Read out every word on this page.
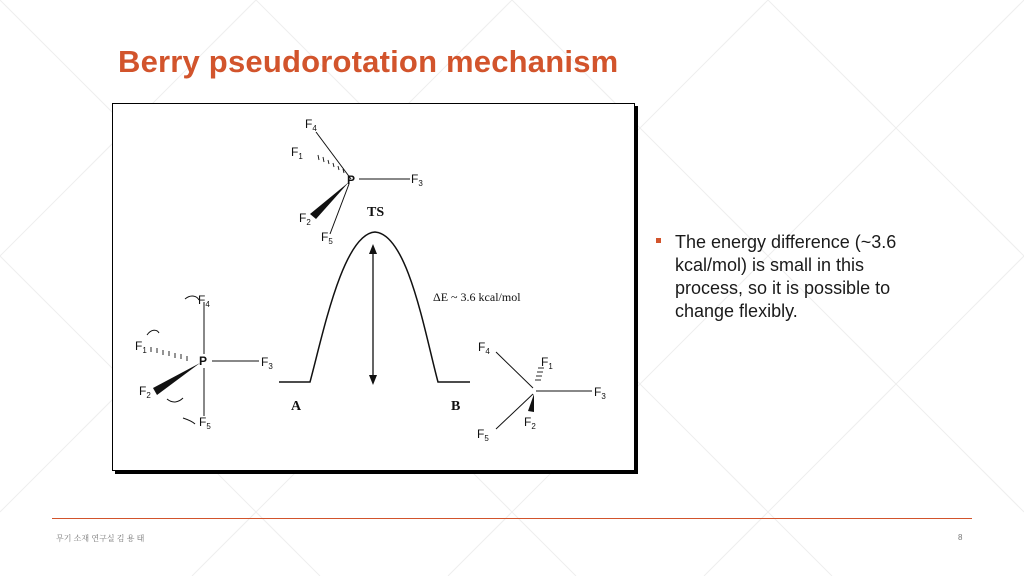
Berry pseudorotation mechanism
TS
ΔE ~ 3.6 kcal/mol
A	B
P
$F_4$
$F_1$
$F_3$
$F_2$
$F_5$
P
$F_4$
$F_1$
$F_3$
$F_2$
$F_5$
$F_4$
$F_1$
$F_3$
$F_2$
$F_5$
The energy difference (~3.6 kcal/mol) is small in this process, so it is possible to change flexibly.
무기 소재 연구실 김 용 태	8
